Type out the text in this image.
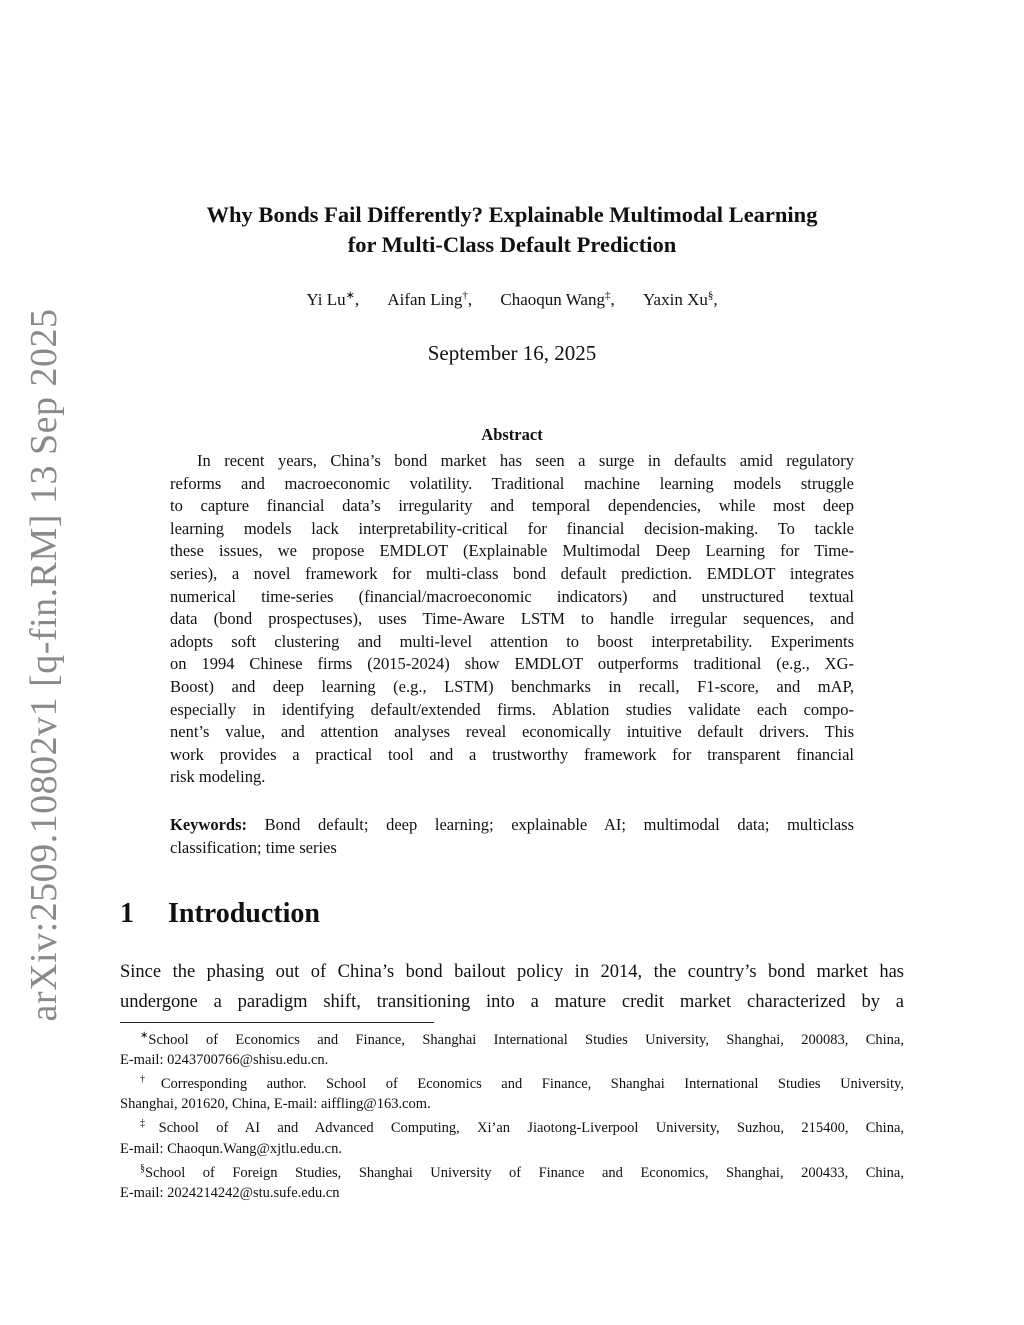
arXiv:2509.10802v1 [q-fin.RM] 13 Sep 2025
Why Bonds Fail Differently? Explainable Multimodal Learning
for Multi-Class Default Prediction
Yi Lu∗, Aifan Ling†, Chaoqun Wang‡, Yaxin Xu§,
September 16, 2025
Abstract
In recent years, China’s bond market has seen a surge in defaults amid regulatory
reforms and macroeconomic volatility. Traditional machine learning models struggle
to capture financial data’s irregularity and temporal dependencies, while most deep
learning models lack interpretability-critical for financial decision-making. To tackle
these issues, we propose EMDLOT (Explainable Multimodal Deep Learning for Time-
series), a novel framework for multi-class bond default prediction. EMDLOT integrates
numerical time-series (financial/macroeconomic indicators) and unstructured textual
data (bond prospectuses), uses Time-Aware LSTM to handle irregular sequences, and
adopts soft clustering and multi-level attention to boost interpretability. Experiments
on 1994 Chinese firms (2015-2024) show EMDLOT outperforms traditional (e.g., XG-
Boost) and deep learning (e.g., LSTM) benchmarks in recall, F1-score, and mAP,
especially in identifying default/extended firms. Ablation studies validate each compo-
nent’s value, and attention analyses reveal economically intuitive default drivers. This
work provides a practical tool and a trustworthy framework for transparent financial
risk modeling.
Keywords: Bond default; deep learning; explainable AI; multimodal data; multiclass
classification; time series
1 Introduction
Since the phasing out of China’s bond bailout policy in 2014, the country’s bond market has
undergone a paradigm shift, transitioning into a mature credit market characterized by a
∗School of Economics and Finance, Shanghai International Studies University, Shanghai, 200083, China,
E-mail: 0243700766@shisu.edu.cn.
†Corresponding author. School of Economics and Finance, Shanghai International Studies University,
Shanghai, 201620, China, E-mail: aiffling@163.com.
‡School of AI and Advanced Computing, Xi’an Jiaotong-Liverpool University, Suzhou, 215400, China,
E-mail: Chaoqun.Wang@xjtlu.edu.cn.
§School of Foreign Studies, Shanghai University of Finance and Economics, Shanghai, 200433, China,
E-mail: 2024214242@stu.sufe.edu.cn
